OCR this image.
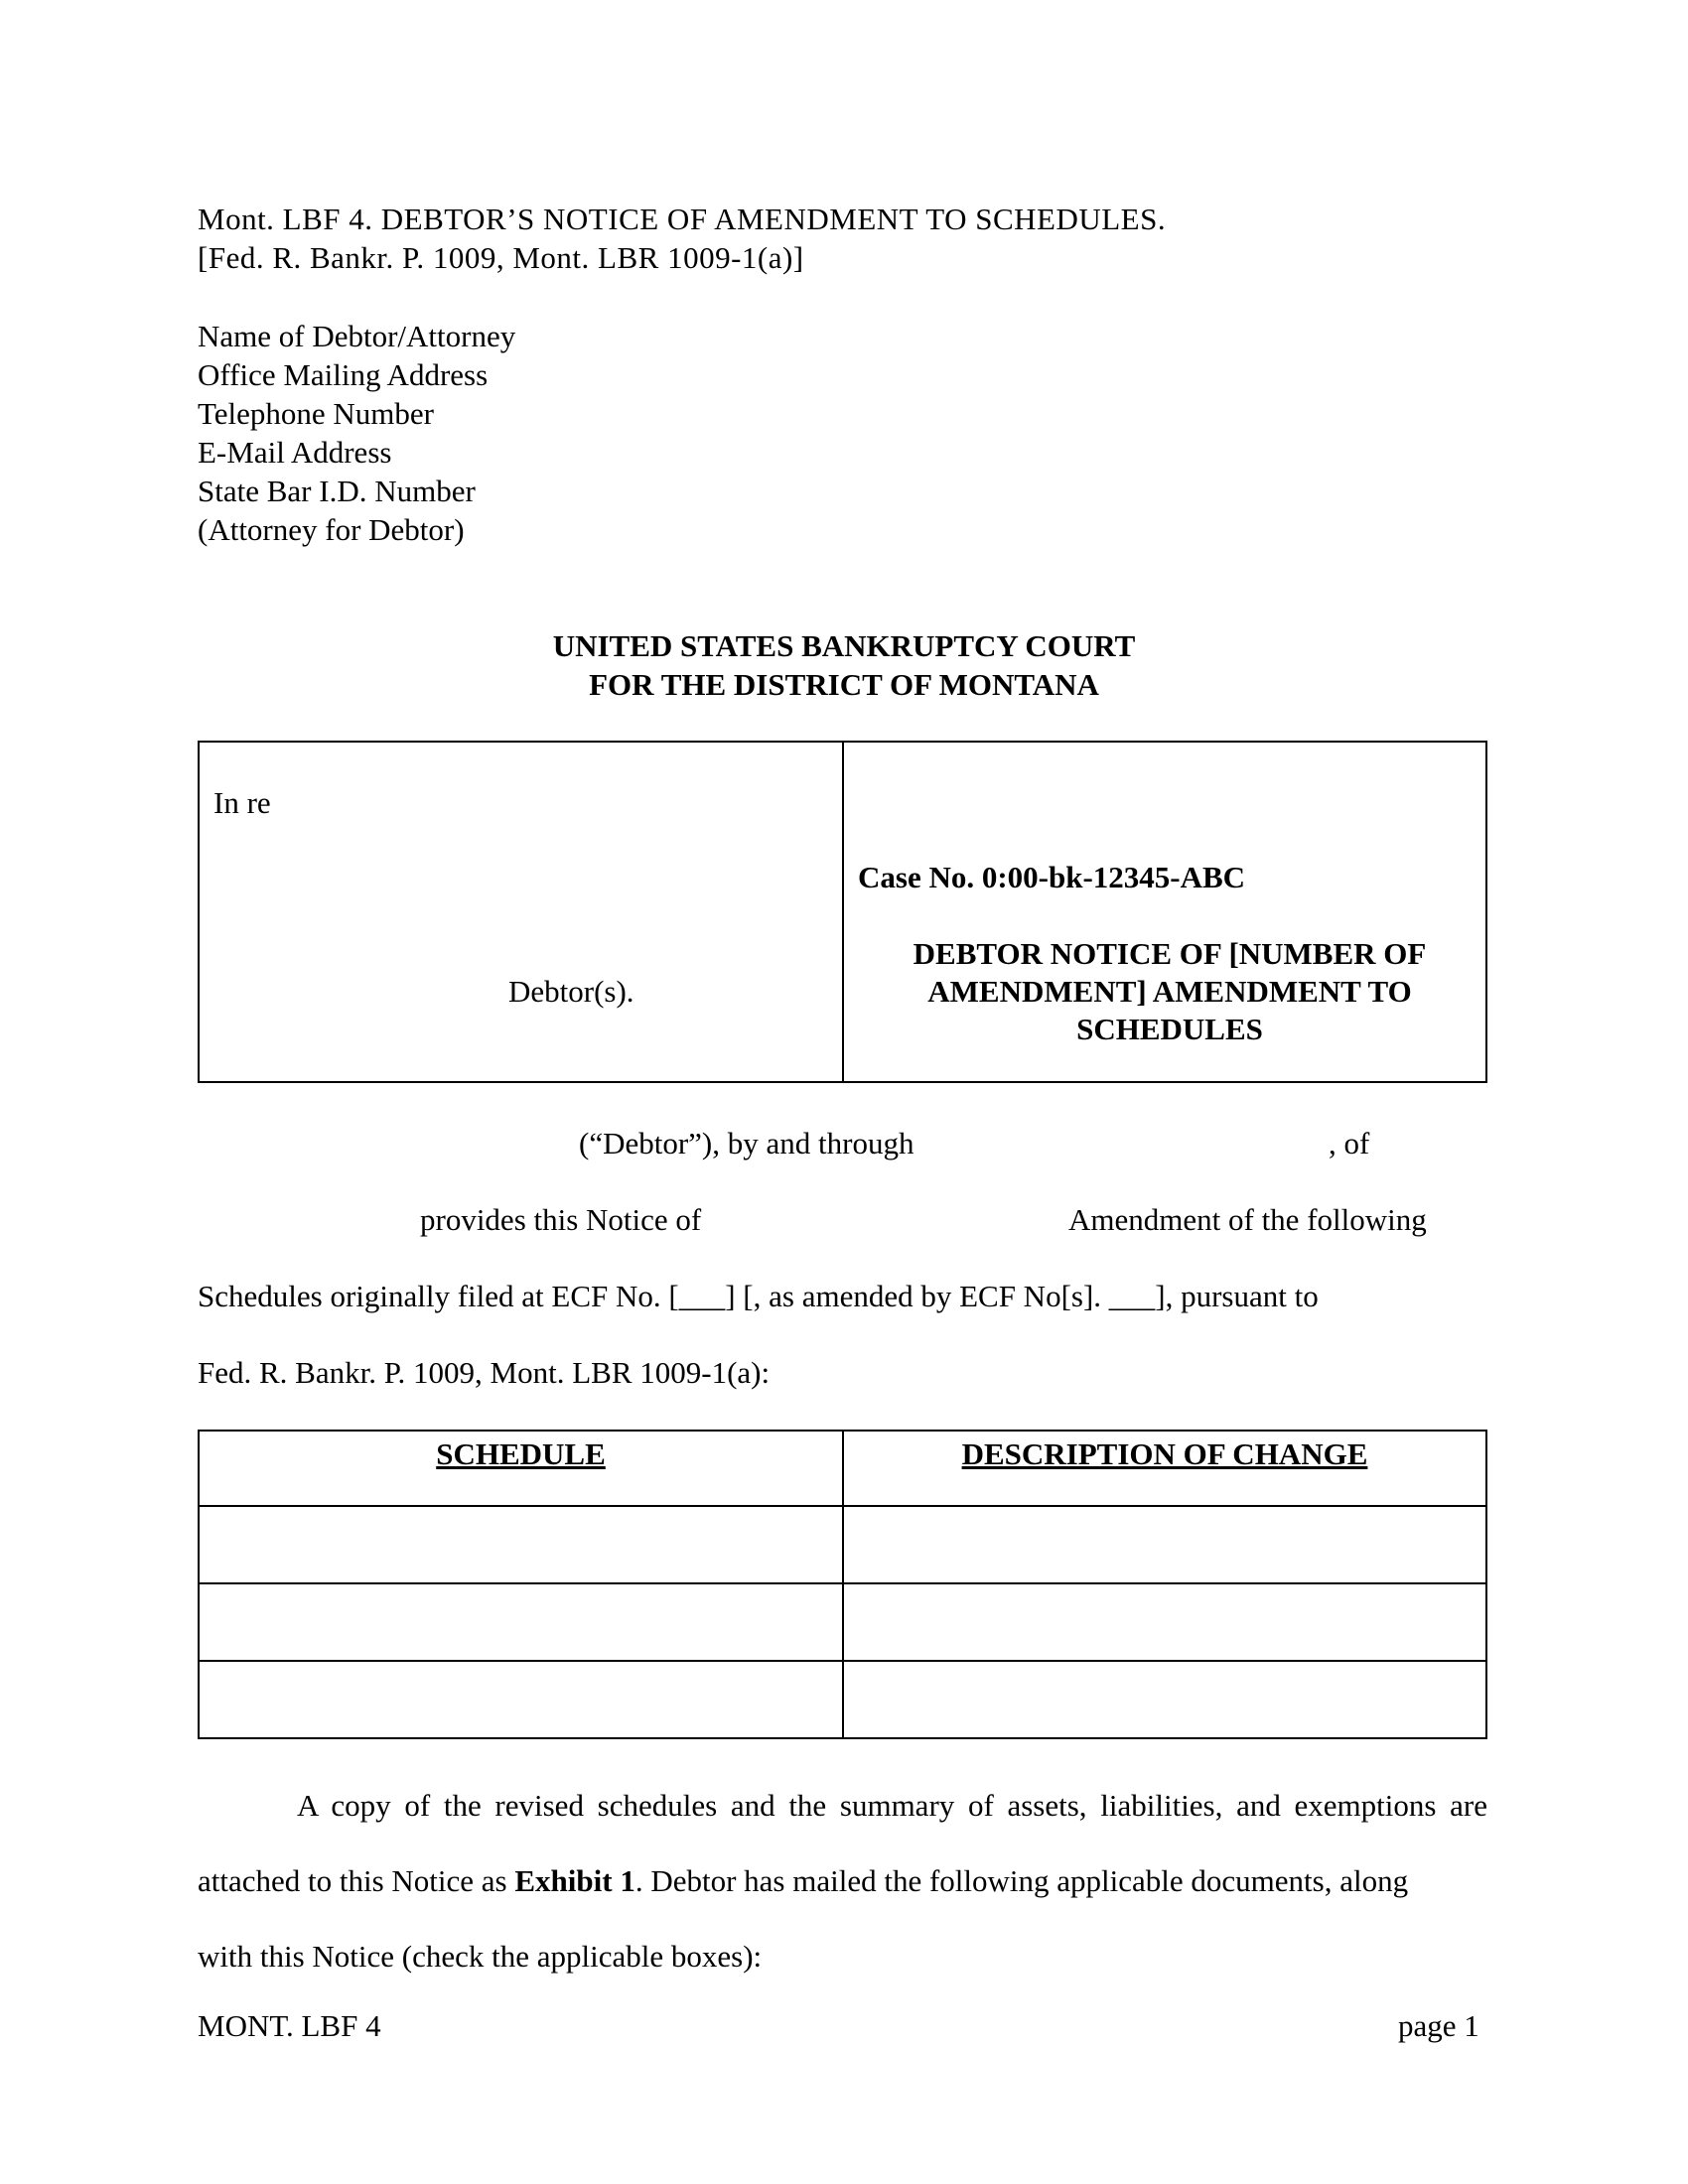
Mont. LBF 4. DEBTOR’S NOTICE OF AMENDMENT TO SCHEDULES.
[Fed. R. Bankr. P. 1009, Mont. LBR 1009-1(a)]
Name of Debtor/Attorney
Office Mailing Address
Telephone Number
E-Mail Address
State Bar I.D. Number
(Attorney for Debtor)
UNITED STATES BANKRUPTCY COURT
FOR THE DISTRICT OF MONTANA
In re
Debtor(s).
Case No. 0:00-bk-12345-ABC
DEBTOR NOTICE OF [NUMBER OF
AMENDMENT] AMENDMENT TO
SCHEDULES
(“Debtor”), by and through	, of
provides this Notice of	Amendment of the following
Schedules originally filed at ECF No. [___] [, as amended by ECF No[s]. ___], pursuant to
Fed. R. Bankr. P. 1009, Mont. LBR 1009-1(a):
SCHEDULE	DESCRIPTION OF CHANGE

A copy of the revised schedules and the summary of assets, liabilities, and exemptions are
attached to this Notice as Exhibit 1. Debtor has mailed the following applicable documents, along
with this Notice (check the applicable boxes):
MONT. LBF 4	page 1
